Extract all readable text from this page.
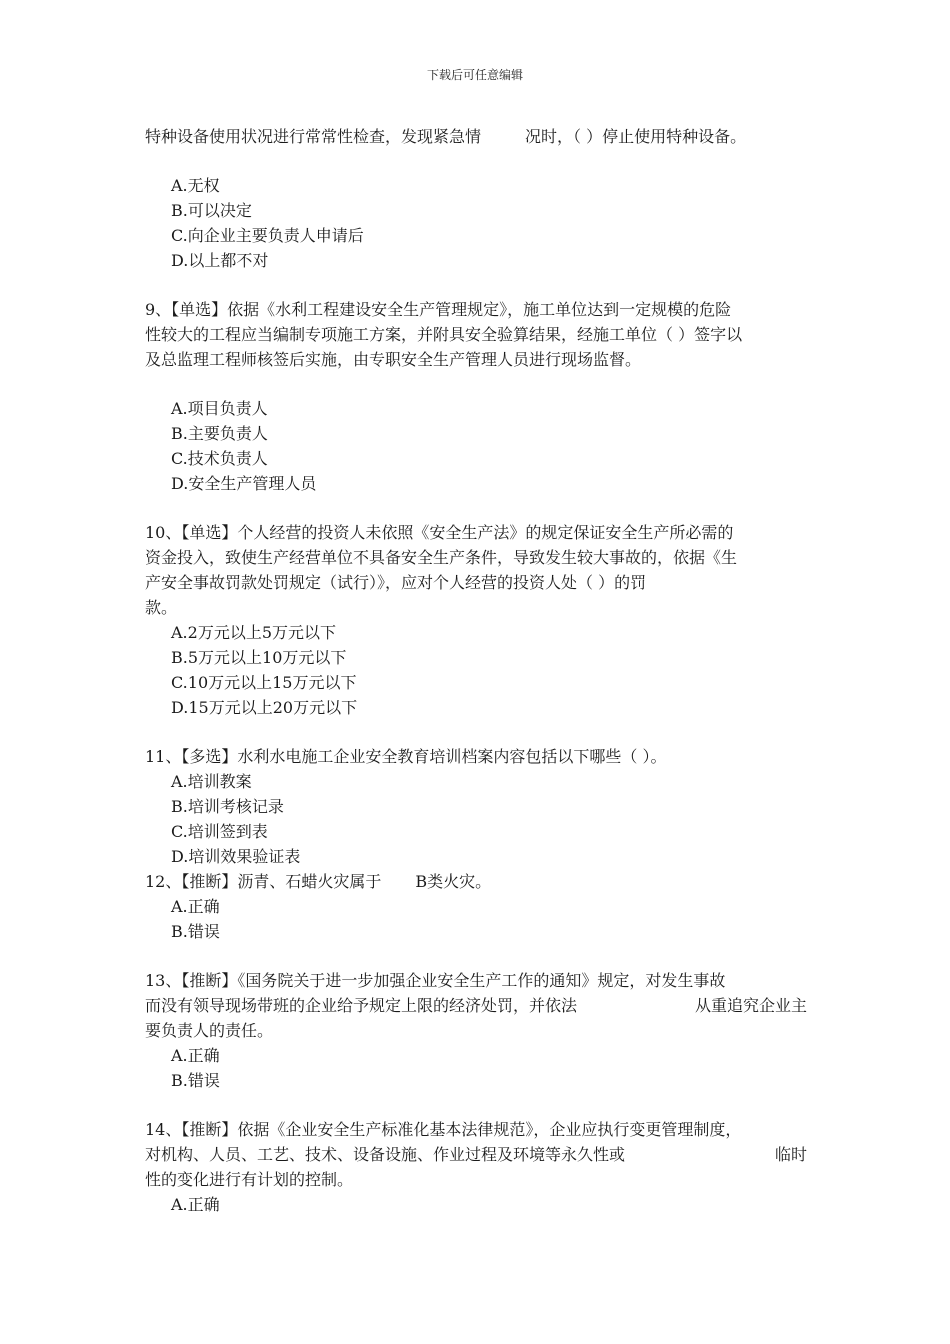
下载后可任意编辑
特种设备使用状况进行常常性检查，发现紧急情	况时，（ ）停止使用特种设备。
A.无权
B.可以决定
C.向企业主要负责人申请后
D.以上都不对
9、【单选】依据《水利工程建设安全生产管理规定》，施工单位达到一定规模的危险
性较大的工程应当编制专项施工方案，并附具安全验算结果，经施工单位（ ）签字以
及总监理工程师核签后实施，由专职安全生产管理人员进行现场监督。
A.项目负责人
B.主要负责人
C.技术负责人
D.安全生产管理人员
10、【单选】个人经营的投资人未依照《安全生产法》的规定保证安全生产所必需的
资金投入，致使生产经营单位不具备安全生产条件，导致发生较大事故的，依据《生
产安全事故罚款处罚规定（试行）》，应对个人经营的投资人处（ ）的罚
款。
A.2万元以上5万元以下
B.5万元以上10万元以下
C.10万元以上15万元以下
D.15万元以上20万元以下
11、【多选】水利水电施工企业安全教育培训档案内容包括以下哪些（ ）。
A.培训教案
B.培训考核记录
C.培训签到表
D.培训效果验证表
12、【推断】沥青、石蜡火灾属于 B类火灾。
A.正确
B.错误
13、【推断】《国务院关于进一步加强企业安全生产工作的通知》规定，对发生事故
而没有领导现场带班的企业给予规定上限的经济处罚，并依法	从重追究企业主
要负责人的责任。
A.正确
B.错误
14、【推断】依据《企业安全生产标准化基本法律规范》，企业应执行变更管理制度，
对机构、人员、工艺、技术、设备设施、作业过程及环境等永久性或	临时
性的变化进行有计划的控制。
A.正确
